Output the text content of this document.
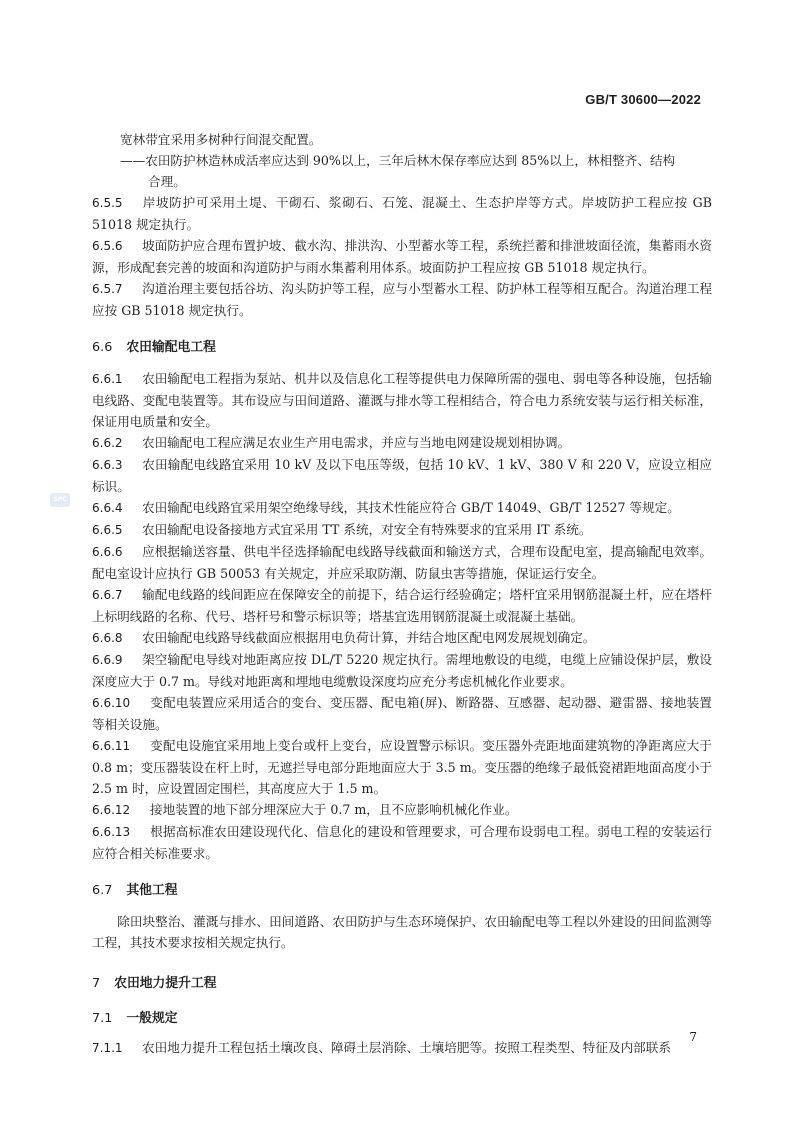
GB/T 30600—2022
SPC

宽林带宜采用多树种行间混交配置。

——农田防护林造林成活率应达到 90%以上，三年后林木保存率应达到 85%以上，林相整齐、结构

合理。

6.5.5 岸坡防护可采用土堤、干砌石、浆砌石、石笼、混凝土、生态护岸等方式。岸坡防护工程应按 GB 51018 规定执行。

6.5.6 坡面防护应合理布置护坡、截水沟、排洪沟、小型蓄水等工程，系统拦蓄和排泄坡面径流，集蓄雨水资源，形成配套完善的坡面和沟道防护与雨水集蓄利用体系。坡面防护工程应按 GB 51018 规定执行。

6.5.7 沟道治理主要包括谷坊、沟头防护等工程，应与小型蓄水工程、防护林工程等相互配合。沟道治理工程应按 GB 51018 规定执行。

6.6 农田输配电工程

6.6.1 农田输配电工程指为泵站、机井以及信息化工程等提供电力保障所需的强电、弱电等各种设施，包括输电线路、变配电装置等。其布设应与田间道路、灌溉与排水等工程相结合，符合电力系统安装与运行相关标准，保证用电质量和安全。

6.6.2 农田输配电工程应满足农业生产用电需求，并应与当地电网建设规划相协调。

6.6.3 农田输配电线路宜采用 10 kV 及以下电压等级，包括 10 kV、1 kV、380 V 和 220 V，应设立相应标识。

6.6.4 农田输配电线路宜采用架空绝缘导线，其技术性能应符合 GB/T 14049、GB/T 12527 等规定。

6.6.5 农田输配电设备接地方式宜采用 TT 系统，对安全有特殊要求的宜采用 IT 系统。

6.6.6 应根据输送容量、供电半径选择输配电线路导线截面和输送方式，合理布设配电室，提高输配电效率。配电室设计应执行 GB 50053 有关规定，并应采取防潮、防鼠虫害等措施，保证运行安全。

6.6.7 输配电线路的线间距应在保障安全的前提下，结合运行经验确定；塔杆宜采用钢筋混凝土杆，应在塔杆上标明线路的名称、代号、塔杆号和警示标识等；塔基宜选用钢筋混凝土或混凝土基础。

6.6.8 农田输配电线路导线截面应根据用电负荷计算，并结合地区配电网发展规划确定。

6.6.9 架空输配电导线对地距离应按 DL/T 5220 规定执行。需埋地敷设的电缆，电缆上应铺设保护层，敷设深度应大于 0.7 m。导线对地距离和埋地电缆敷设深度均应充分考虑机械化作业要求。

6.6.10 变配电装置应采用适合的变台、变压器、配电箱(屏)、断路器、互感器、起动器、避雷器、接地装置等相关设施。

6.6.11 变配电设施宜采用地上变台或杆上变台，应设置警示标识。变压器外壳距地面建筑物的净距离应大于 0.8 m；变压器装设在杆上时，无遮拦导电部分距地面应大于 3.5 m。变压器的绝缘子最低瓷裙距地面高度小于 2.5 m 时，应设置固定围栏，其高度应大于 1.5 m。

6.6.12 接地装置的地下部分埋深应大于 0.7 m，且不应影响机械化作业。

6.6.13 根据高标准农田建设现代化、信息化的建设和管理要求，可合理布设弱电工程。弱电工程的安装运行应符合相关标准要求。

6.7 其他工程

除田块整治、灌溉与排水、田间道路、农田防护与生态环境保护、农田输配电等工程以外建设的田间监测等工程，其技术要求按相关规定执行。

7 农田地力提升工程
7.1 一般规定

7.1.1 农田地力提升工程包括土壤改良、障碍土层消除、土壤培肥等。按照工程类型、特征及内部联系

7
